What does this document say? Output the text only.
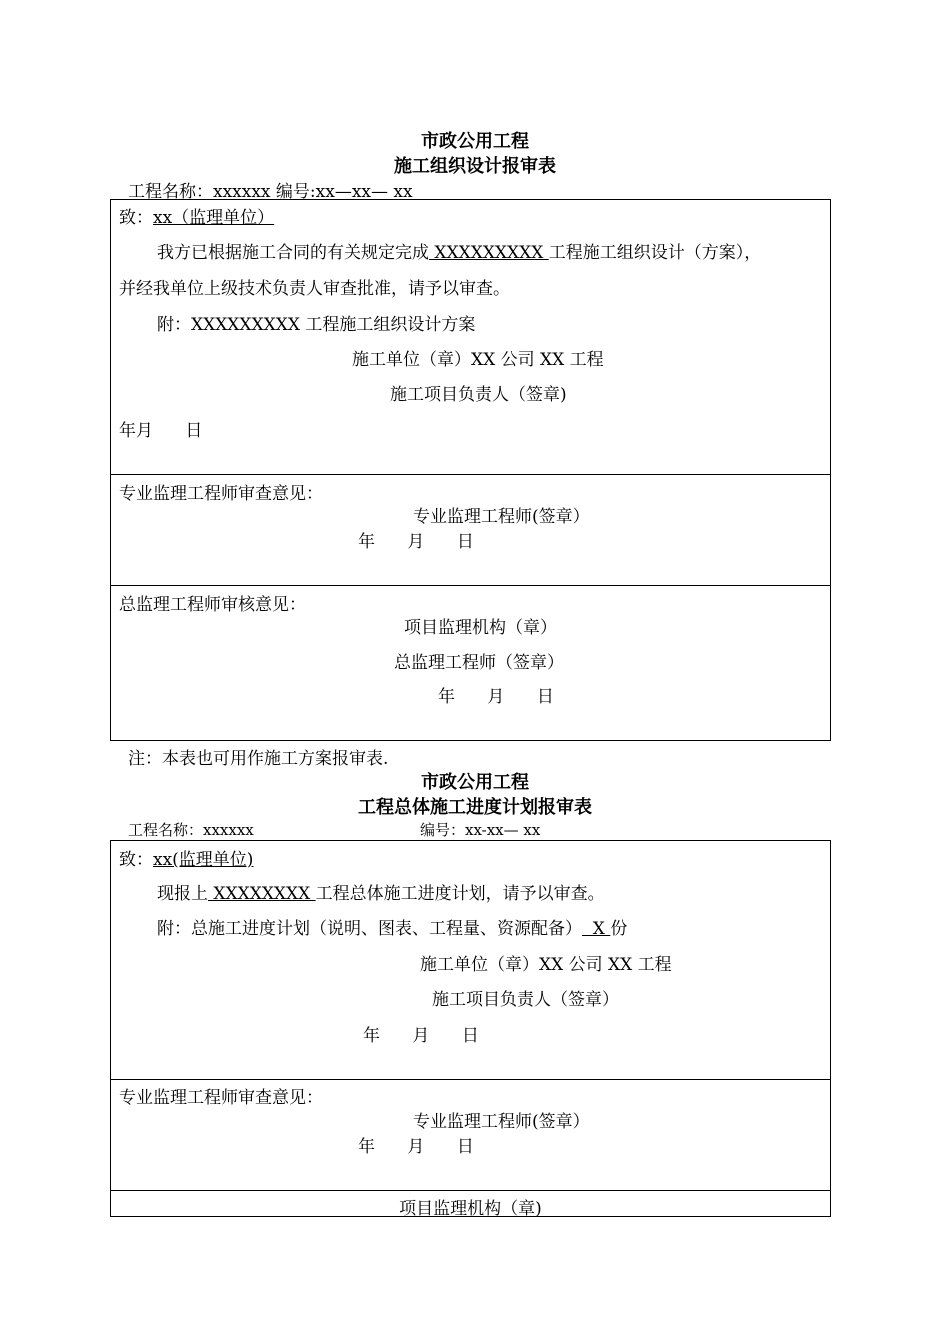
市政公用工程
施工组织设计报审表
工程名称：xxxxxx 编号:xx—xx— xx
致：xx（监理单位）
我方已根据施工合同的有关规定完成 XXXXXXXXX 工程施工组织设计（方案），
并经我单位上级技术负责人审查批准，请予以审查。
附：XXXXXXXXX 工程施工组织设计方案
施工单位（章）XX 公司 XX 工程
施工项目负责人（签章)
年月      日
专业监理工程师审查意见：
专业监理工程师(签章）
年      月      日
总监理工程师审核意见：
项目监理机构（章）
总监理工程师（签章）
年      月      日
注：本表也可用作施工方案报审表.
市政公用工程
工程总体施工进度计划报审表
工程名称：xxxxxx	编号：xx-xx— xx
致：xx(监理单位)
现报上 XXXXXXXX 工程总体施工进度计划，请予以审查。
附：总施工进度计划（说明、图表、工程量、资源配备）  X 份
施工单位（章）XX 公司 XX 工程
施工项目负责人（签章）
年      月      日
专业监理工程师审查意见：
专业监理工程师(签章）
年      月      日
项目监理机构（章)
